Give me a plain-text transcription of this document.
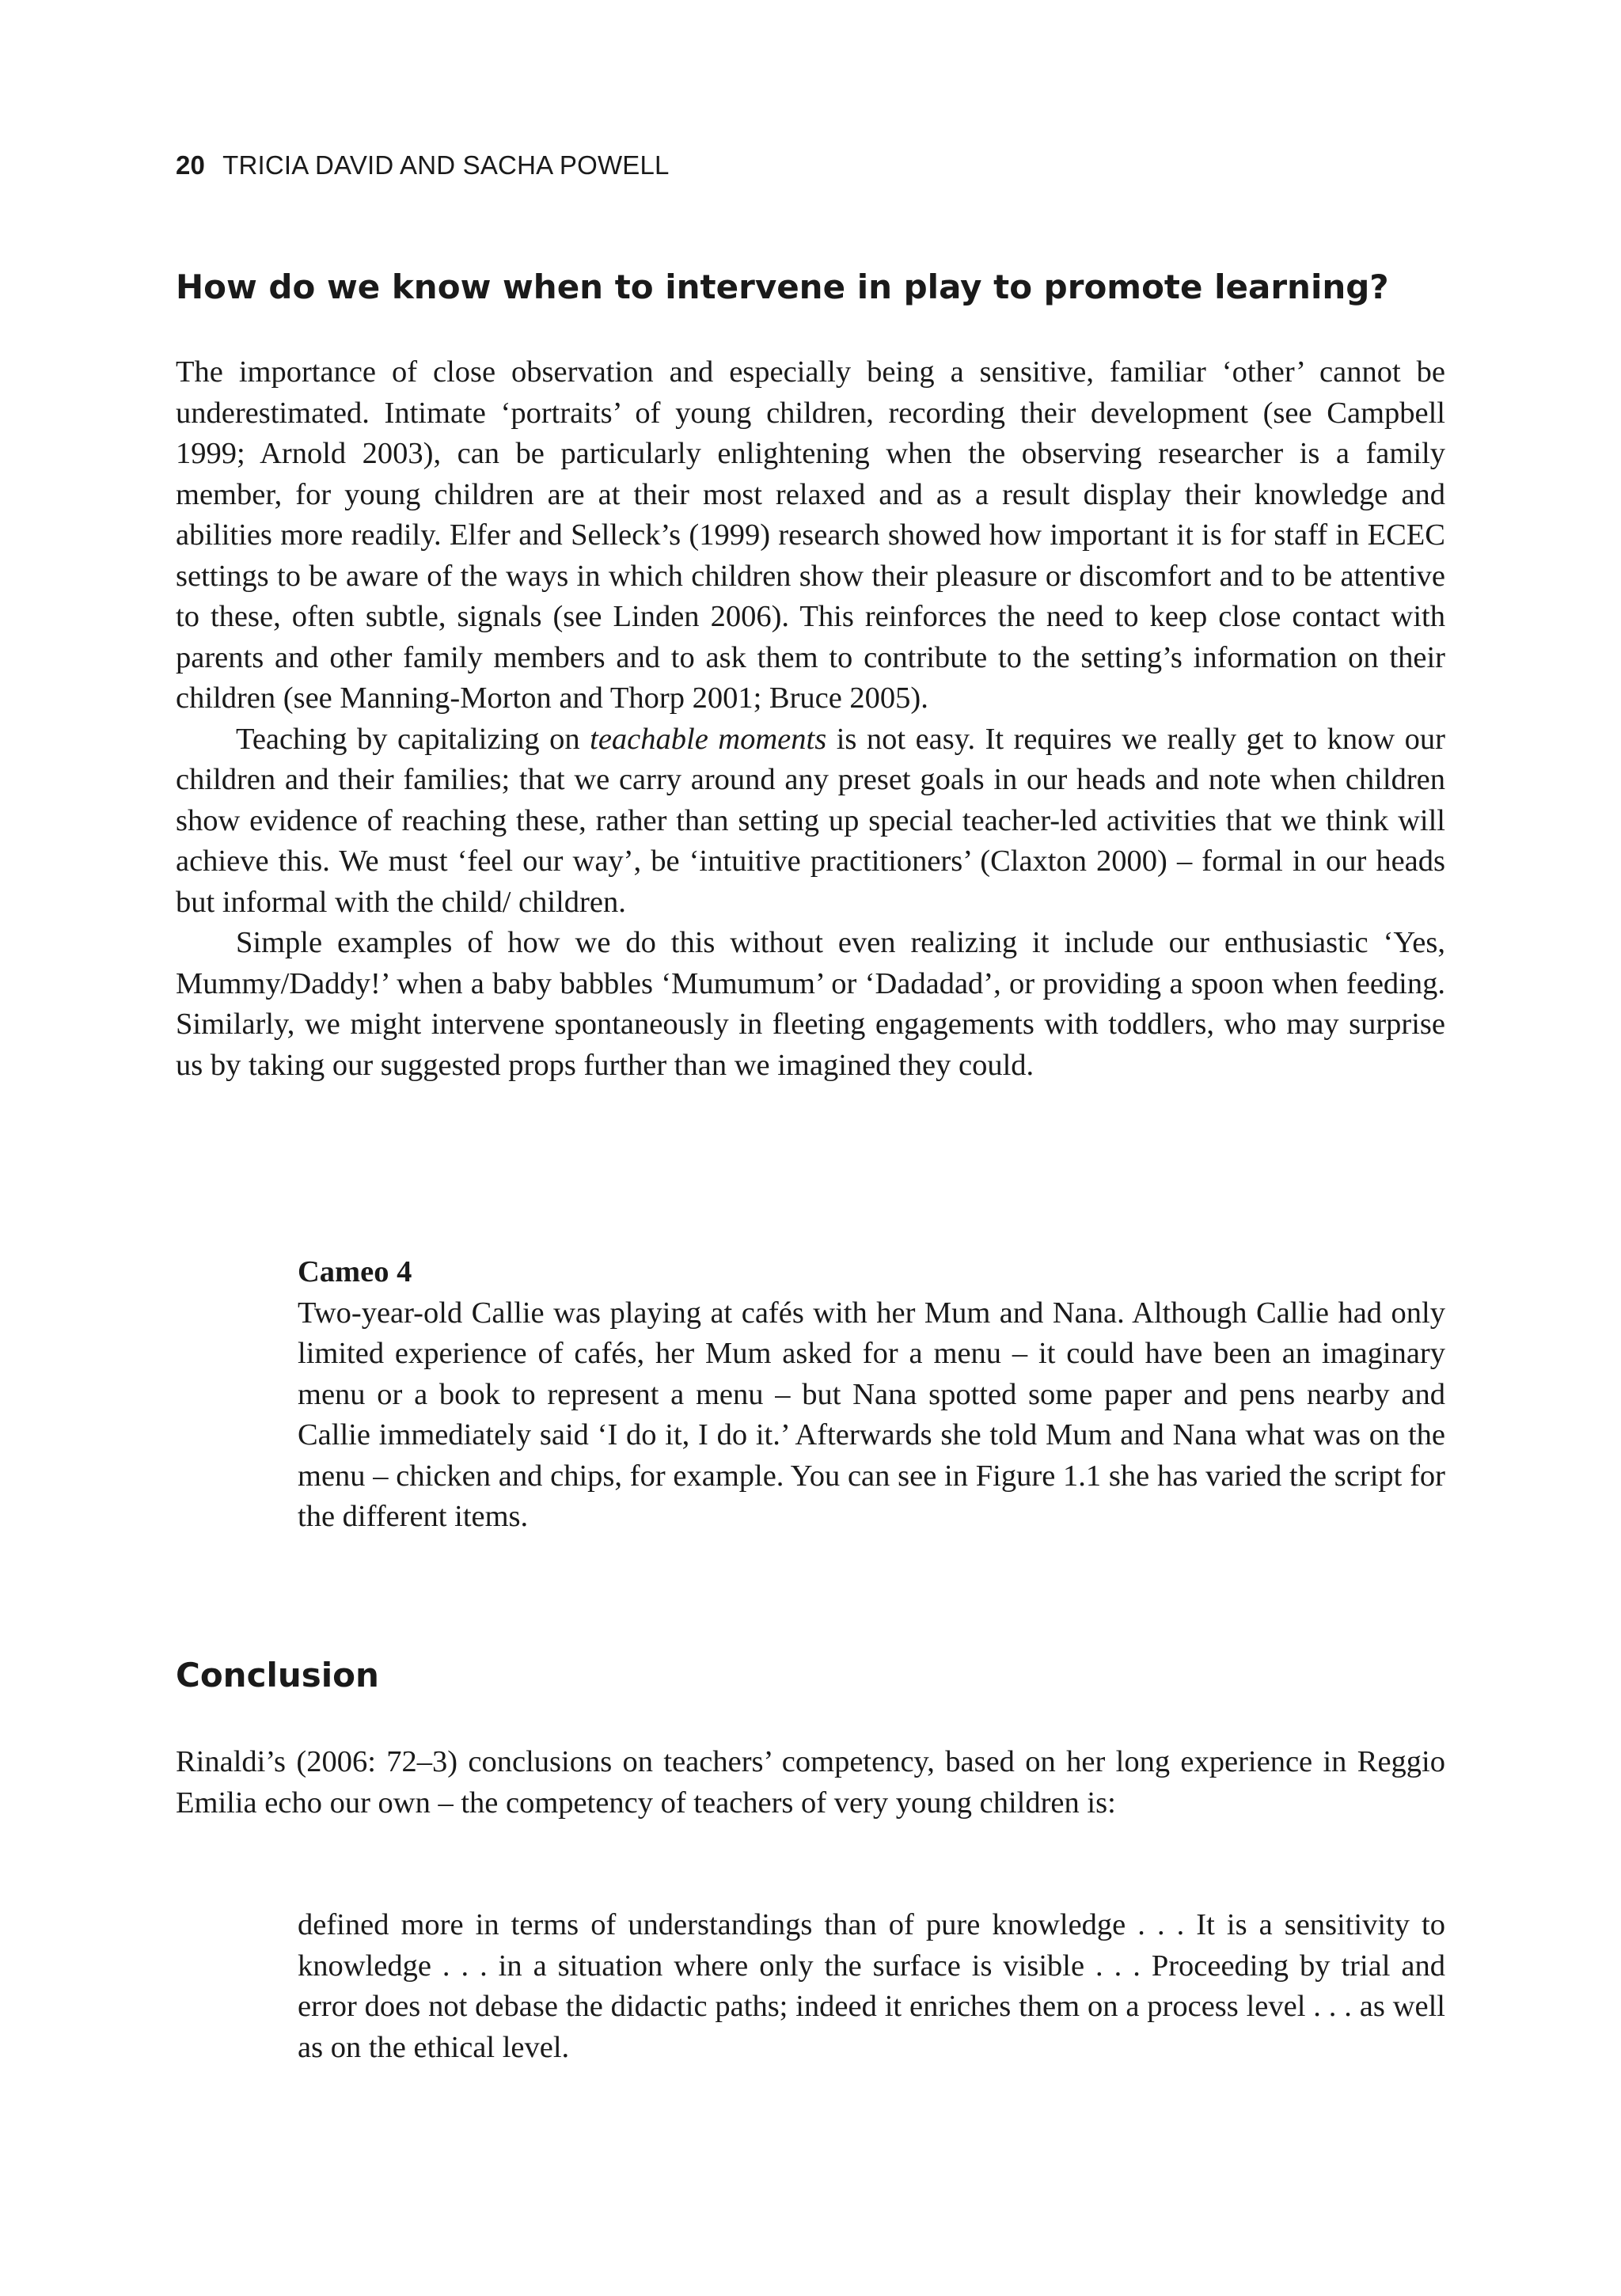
20 TRICIA DAVID AND SACHA POWELL
How do we know when to intervene in play to promote learning?

The importance of close observation and especially being a sensitive, familiar ‘other’ cannot be underestimated. Intimate ‘portraits’ of young children, recording their development (see Campbell 1999; Arnold 2003), can be particularly enlightening when the observing researcher is a family member, for young children are at their most relaxed and as a result display their knowledge and abilities more readily. Elfer and Selleck’s (1999) research showed how important it is for staff in ECEC settings to be aware of the ways in which children show their pleasure or discomfort and to be attentive to these, often subtle, signals (see Linden 2006). This reinforces the need to keep close contact with parents and other family members and to ask them to contribute to the setting’s information on their children (see Manning-Morton and Thorp 2001; Bruce 2005).

Teaching by capitalizing on teachable moments is not easy. It requires we really get to know our children and their families; that we carry around any preset goals in our heads and note when children show evidence of reaching these, rather than setting up special teacher-led activities that we think will achieve this. We must ‘feel our way’, be ‘intuitive practitioners’ (Claxton 2000) – formal in our heads but informal with the child/ children.

Simple examples of how we do this without even realizing it include our enthusiastic ‘Yes, Mummy/Daddy!’ when a baby babbles ‘Mumumum’ or ‘Dadadad’, or providing a spoon when feeding. Similarly, we might intervene spontaneously in fleeting engagements with toddlers, who may surprise us by taking our suggested props further than we imagined they could.

Cameo 4
Two-year-old Callie was playing at cafés with her Mum and Nana. Although Callie had only limited experience of cafés, her Mum asked for a menu – it could have been an imaginary menu or a book to represent a menu – but Nana spotted some paper and pens nearby and Callie immediately said ‘I do it, I do it.’ Afterwards she told Mum and Nana what was on the menu – chicken and chips, for example. You can see in Figure 1.1 she has varied the script for the different items.
Conclusion

Rinaldi’s (2006: 72–3) conclusions on teachers’ competency, based on her long experience in Reggio Emilia echo our own – the competency of teachers of very young children is:

defined more in terms of understandings than of pure knowledge . . . It is a sensitivity to knowledge . . . in a situation where only the surface is visible . . . Proceeding by trial and error does not debase the didactic paths; indeed it enriches them on a process level . . . as well as on the ethical level.
